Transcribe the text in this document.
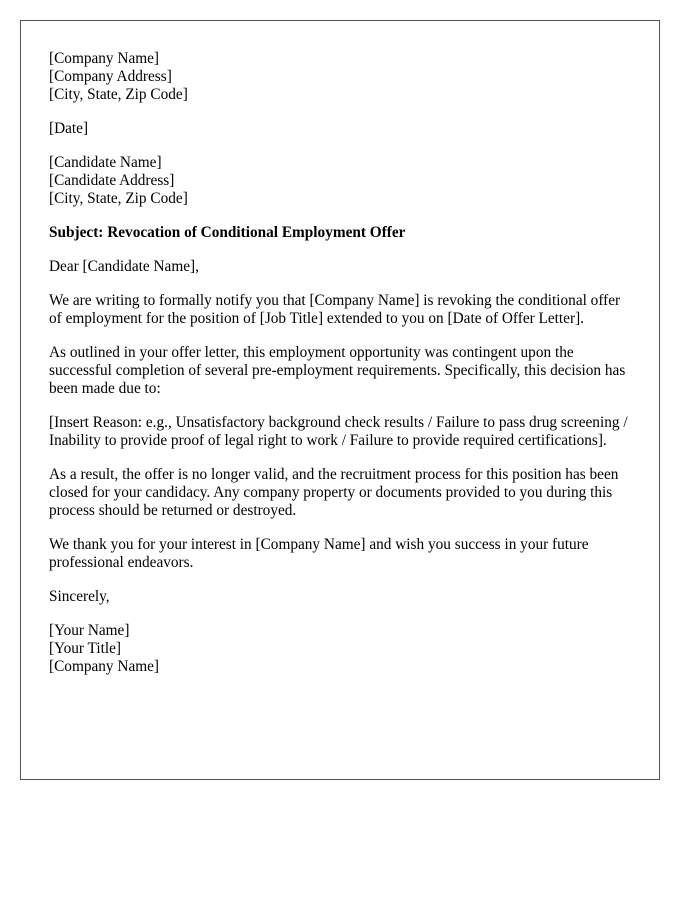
[Company Name]
[Company Address]
[City, State, Zip Code]
[Date]
[Candidate Name]
[Candidate Address]
[City, State, Zip Code]
Subject: Revocation of Conditional Employment Offer
Dear [Candidate Name],
We are writing to formally notify you that [Company Name] is revoking the conditional offer of employment for the position of [Job Title] extended to you on [Date of Offer Letter].
As outlined in your offer letter, this employment opportunity was contingent upon the successful completion of several pre-employment requirements. Specifically, this decision has been made due to:
[Insert Reason: e.g., Unsatisfactory background check results / Failure to pass drug screening / Inability to provide proof of legal right to work / Failure to provide required certifications].
As a result, the offer is no longer valid, and the recruitment process for this position has been closed for your candidacy. Any company property or documents provided to you during this process should be returned or destroyed.
We thank you for your interest in [Company Name] and wish you success in your future professional endeavors.
Sincerely,
[Your Name]
[Your Title]
[Company Name]
